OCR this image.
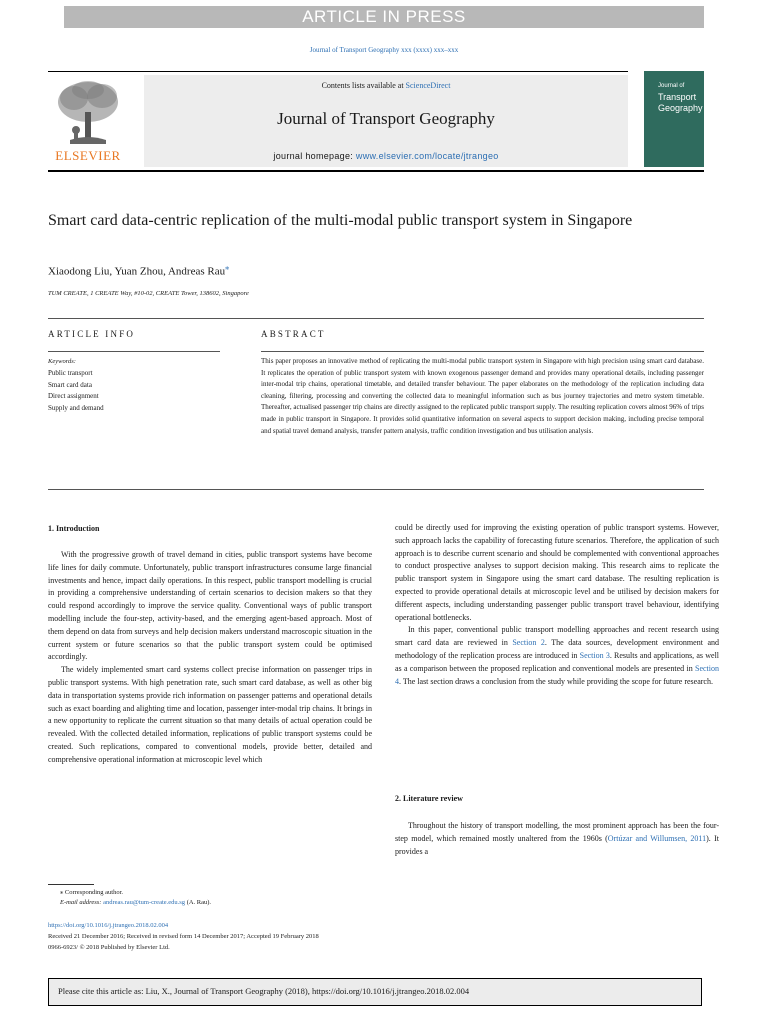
ARTICLE IN PRESS
Journal of Transport Geography xxx (xxxx) xxx–xxx
ELSEVIER
Contents lists available at ScienceDirect
Journal of Transport Geography
journal homepage: www.elsevier.com/locate/jtrangeo
Journal of
Transport
Geography
Smart card data-centric replication of the multi-modal public transport system in Singapore
Xiaodong Liu, Yuan Zhou, Andreas Rau⁎
TUM CREATE, 1 CREATE Way, #10-02, CREATE Tower, 138602, Singapore
ARTICLE INFO	ABSTRACT
Keywords:
Public transport
Smart card data
Direct assignment
Supply and demand
This paper proposes an innovative method of replicating the multi-modal public transport system in Singapore with high precision using smart card database. It replicates the operation of public transport system with known exogenous passenger demand and provides many operational details, including passenger inter-modal trip chains, operational timetable, and detailed transfer behaviour. The paper elaborates on the methodology of the replication including data cleaning, filtering, processing and converting the collected data to meaningful information such as bus journey trajectories and metro system timetable. Thereafter, actualised passenger trip chains are directly assigned to the replicated public transport supply. The resulting replication covers almost 96% of trips made in public transport in Singapore. It provides solid quantitative information on several aspects to support decision making, including precise temporal and spatial travel demand analysis, transfer pattern analysis, traffic condition investigation and bus utilisation analysis.
1. Introduction

With the progressive growth of travel demand in cities, public transport systems have become life lines for daily commute. Unfortunately, public transport infrastructures consume large financial investments and hence, impact daily operations. In this respect, public transport modelling is crucial in providing a comprehensive understanding of certain scenarios to decision makers so that they could respond accordingly to improve the service quality. Conventional ways of public transport modelling include the four-step, activity-based, and the emerging agent-based approach. Most of them depend on data from surveys and help decision makers understand macroscopic situation in the current system or future scenarios so that the public transport system could be optimised accordingly.

The widely implemented smart card systems collect precise information on passenger trips in public transport systems. With high penetration rate, such smart card database, as well as other big data in transportation systems provide rich information on passenger patterns and operational details such as exact boarding and alighting time and location, passenger inter-modal trip chains. It brings in a new opportunity to replicate the current situation so that many details of actual operation could be revealed. With the collected detailed information, replications of public transport systems could be created. Such replications, compared to conventional models, provide better, detailed and comprehensive operational information at microscopic level which

could be directly used for improving the existing operation of public transport systems. However, such approach lacks the capability of forecasting future scenarios. Therefore, the application of such approach is to describe current scenario and should be complemented with conventional approaches to conduct prospective analyses to support decision making. This research aims to replicate the public transport system in Singapore using the smart card database. The resulting replication is expected to provide operational details at microscopic level and be utilised by decision makers for different aspects, including understanding passenger public transport travel behaviour, identifying operational bottlenecks.

In this paper, conventional public transport modelling approaches and recent research using smart card data are reviewed in Section 2. The data sources, development environment and methodology of the replication process are introduced in Section 3. Results and applications, as well as a comparison between the proposed replication and conventional models are presented in Section 4. The last section draws a conclusion from the study while providing the scope for future research.

2. Literature review

Throughout the history of transport modelling, the most prominent approach has been the four-step model, which remained mostly unaltered from the 1960s (Ortúzar and Willumsen, 2011). It provides a

⁎ Corresponding author.
E-mail address: andreas.rau@tum-create.edu.sg (A. Rau).
https://doi.org/10.1016/j.jtrangeo.2018.02.004
Received 21 December 2016; Received in revised form 14 December 2017; Accepted 19 February 2018
0966-6923/ © 2018 Published by Elsevier Ltd.
Please cite this article as: Liu, X., Journal of Transport Geography (2018), https://doi.org/10.1016/j.jtrangeo.2018.02.004
